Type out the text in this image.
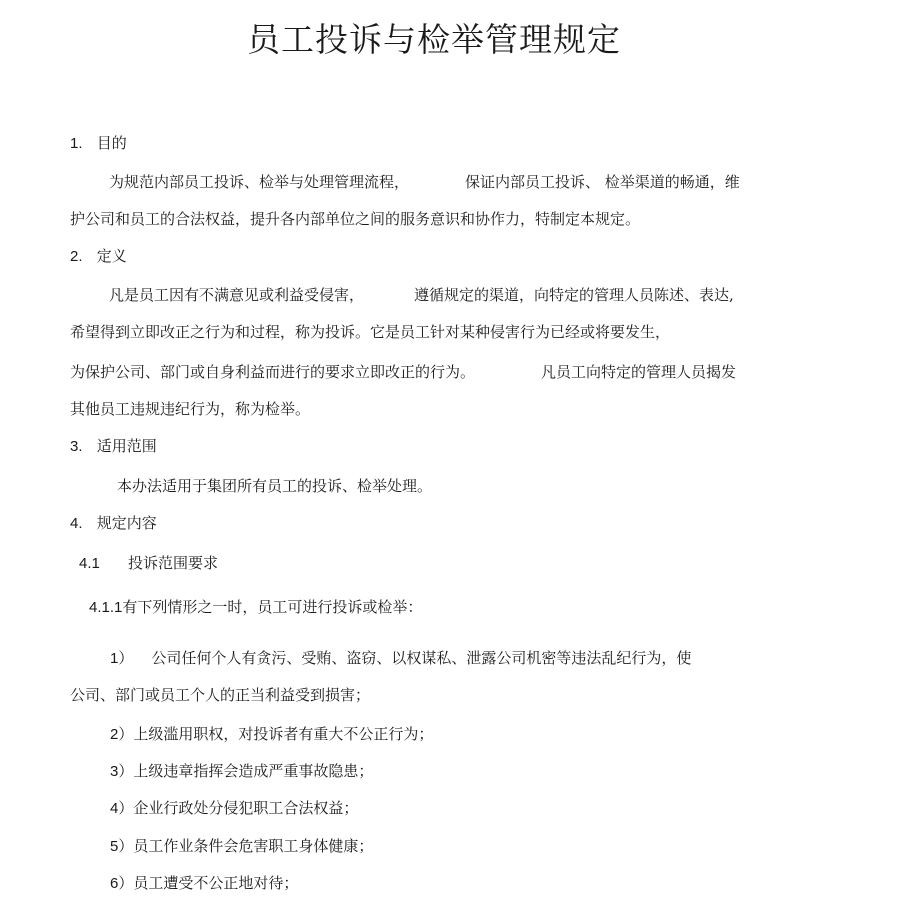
员工投诉与检举管理规定
1. 目的
为规范内部员工投诉、检举与处理管理流程，	保证内部员工投诉、 检举渠道的畅通，维
护公司和员工的合法权益，提升各内部单位之间的服务意识和协作力，特制定本规定。
2. 定义
凡是员工因有不满意见或利益受侵害，	遵循规定的渠道，向特定的管理人员陈述、表达,
希望得到立即改正之行为和过程，称为投诉。它是员工针对某种侵害行为已经或将要发生，
为保护公司、部门或自身利益而进行的要求立即改正的行为。	凡员工向特定的管理人员揭发
其他员工违规违纪行为，称为检举。
3. 适用范围
本办法适用于集团所有员工的投诉、检举处理。
4. 规定内容
4.1 投诉范围要求
4.1.1有下列情形之一时，员工可进行投诉或检举：
1） 公司任何个人有贪污、受贿、盗窃、以权谋私、泄露公司机密等违法乱纪行为，使
公司、部门或员工个人的正当利益受到损害；
2）上级滥用职权，对投诉者有重大不公正行为；
3）上级违章指挥会造成严重事故隐患；
4）企业行政处分侵犯职工合法权益；
5）员工作业条件会危害职工身体健康；
6）员工遭受不公正地对待；
